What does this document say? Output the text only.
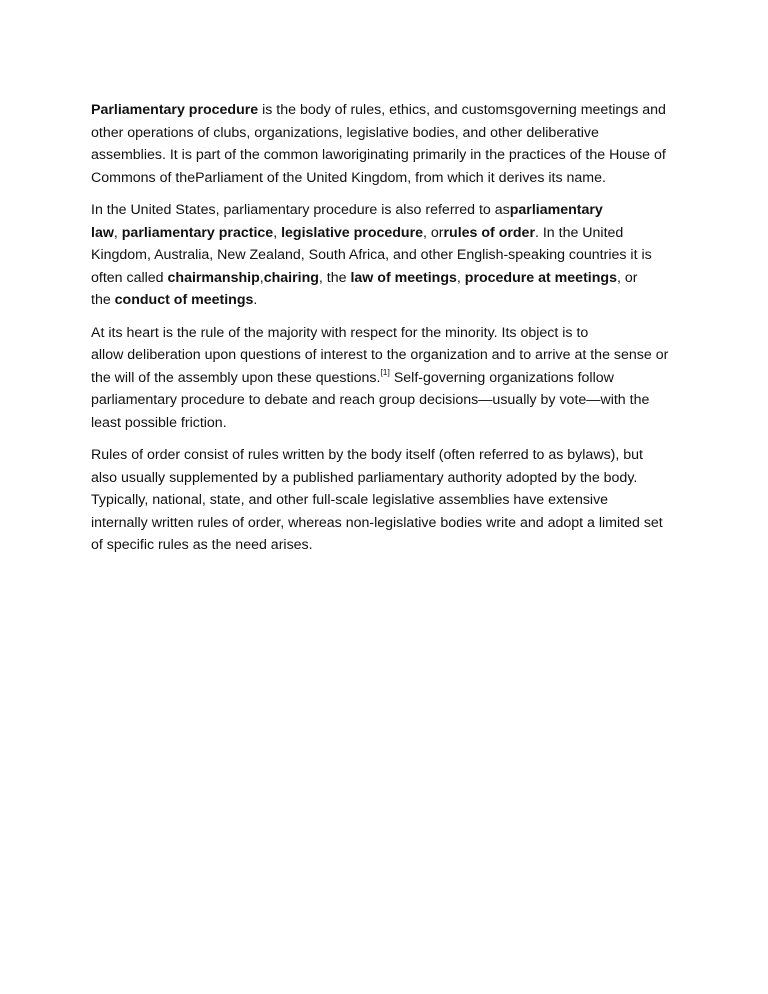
Parliamentary procedure is the body of rules, ethics, and customsgoverning meetings and
other operations of clubs, organizations, legislative bodies, and other deliberative
assemblies. It is part of the common laworiginating primarily in the practices of the House of
Commons of theParliament of the United Kingdom, from which it derives its name.

In the United States, parliamentary procedure is also referred to asparliamentary
law, parliamentary practice, legislative procedure, orrules of order. In the United
Kingdom, Australia, New Zealand, South Africa, and other English-speaking countries it is
often called chairmanship,chairing, the law of meetings, procedure at meetings, or
the conduct of meetings.

At its heart is the rule of the majority with respect for the minority. Its object is to
allow deliberation upon questions of interest to the organization and to arrive at the sense or
the will of the assembly upon these questions.[1] Self-governing organizations follow
parliamentary procedure to debate and reach group decisions—usually by vote—with the
least possible friction.

Rules of order consist of rules written by the body itself (often referred to as bylaws), but
also usually supplemented by a published parliamentary authority adopted by the body.
Typically, national, state, and other full-scale legislative assemblies have extensive
internally written rules of order, whereas non-legislative bodies write and adopt a limited set
of specific rules as the need arises.
